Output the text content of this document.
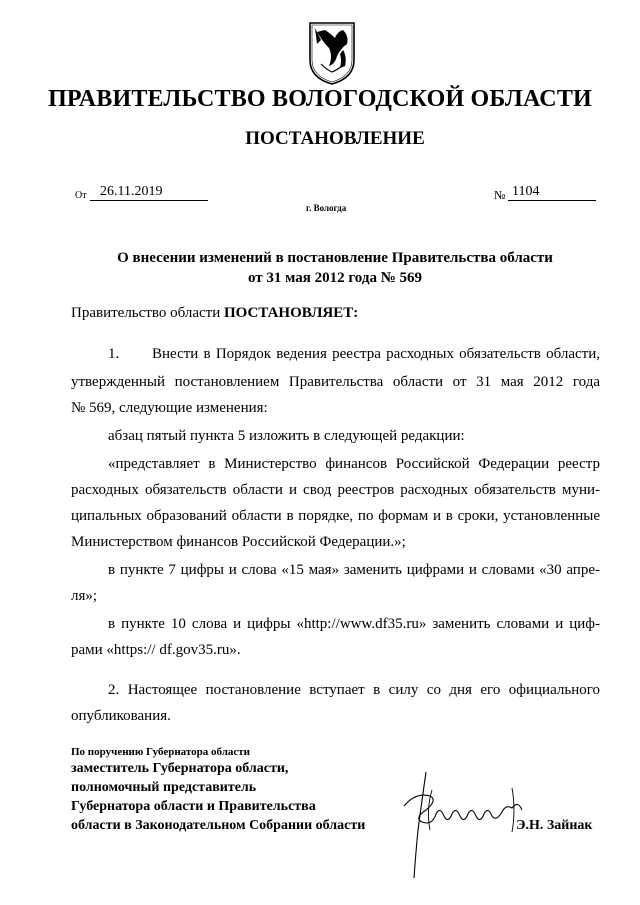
ПРАВИТЕЛЬСТВО ВОЛОГОДСКОЙ ОБЛАСТИ
ПОСТАНОВЛЕНИЕ
От 26.11.2019	№ 1104
г. Вологда
О внесении изменений в постановление Правительства области
от 31 мая 2012 года № 569
Правительство области ПОСТАНОВЛЯЕТ:
1. Внести в Порядок ведения реестра расходных обязательств области,
утвержденный постановлением Правительства области от 31 мая 2012 года
№ 569, следующие изменения:
абзац пятый пункта 5 изложить в следующей редакции:
«представляет в Министерство финансов Российской Федерации реестр
расходных обязательств области и свод реестров расходных обязательств муни-
ципальных образований области в порядке, по формам и в сроки, установленные
Министерством финансов Российской Федерации.»;
в пункте 7 цифры и слова «15 мая» заменить цифрами и словами «30 апре-
ля»;
в пункте 10 слова и цифры «http://www.df35.ru» заменить словами и циф-
рами «https:// df.gov35.ru».
2. Настоящее постановление вступает в силу со дня его официального
опубликования.
По поручению Губернатора области
заместитель Губернатора области,
полномочный представитель
Губернатора области и Правительства
области в Законодательном Собрании области	Э.Н. Зайнак
